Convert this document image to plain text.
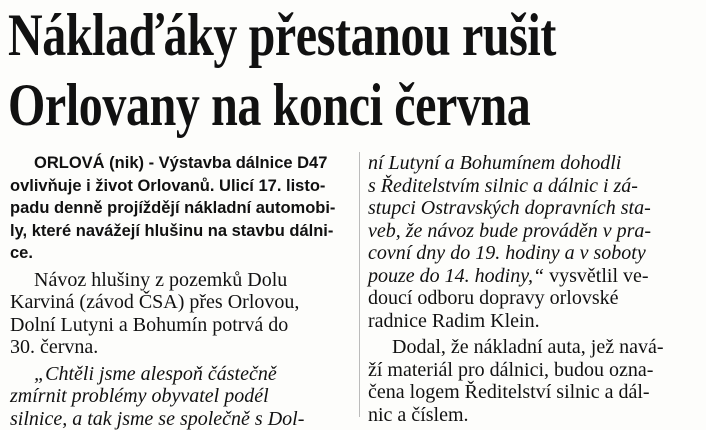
Náklaďáky přestanou rušit
Orlovany na konci června
ORLOVÁ (nik) - Výstavba dálnice D47
ovlivňuje i život Orlovanů. Ulicí 17. listo-
padu denně projíždějí nákladní automobi-
ly, které navážejí hlušinu na stavbu dálni-
ce.
Návoz hlušiny z pozemků Dolu
Karviná (závod ČSA) přes Orlovou,
Dolní Lutyni a Bohumín potrvá do
30. června.
„Chtěli jsme alespoň částečně
zmírnit problémy obyvatel podél
silnice, a tak jsme se společně s Dol-
ní Lutyní a Bohumínem dohodli
s Ředitelstvím silnic a dálnic i zá-
stupci Ostravských dopravních sta-
veb, že návoz bude prováděn v pra-
covní dny do 19. hodiny a v soboty
pouze do 14. hodiny,“ vysvětlil ve-
doucí odboru dopravy orlovské
radnice Radim Klein.
Dodal, že nákladní auta, jež navá-
ží materiál pro dálnici, budou ozna-
čena logem Ředitelství silnic a dál-
nic a číslem.
